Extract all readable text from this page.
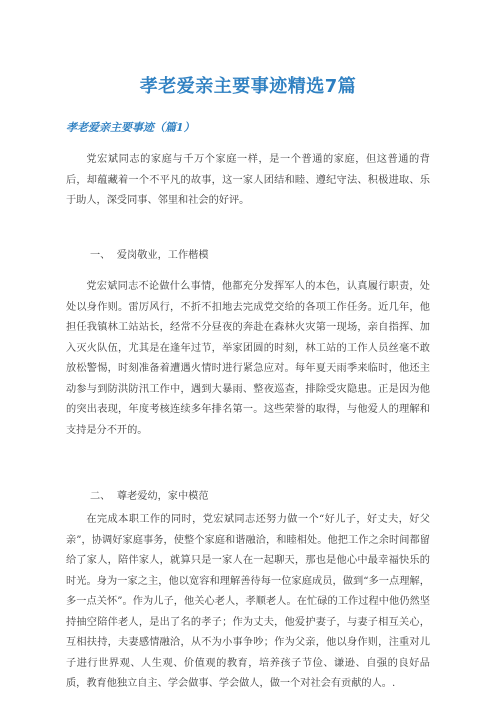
孝老爱亲主要事迹精选7篇
孝老爱亲主要事迹（篇1）

党宏斌同志的家庭与千万个家庭一样，是一个普通的家庭，但这普通的背后，却蕴藏着一个不平凡的故事，这一家人团结和睦、遵纪守法、积极进取、乐于助人，深受同事、邻里和社会的好评。

一、  爱岗敬业，工作楷模

党宏斌同志不论做什么事情，他都充分发挥军人的本色，认真履行职责，处处以身作则。雷厉风行，不折不扣地去完成党交给的各项工作任务。近几年，他担任我镇林工站站长，经常不分昼夜的奔赴在森林火灾第一现场，亲自指挥、加入灭火队伍，尤其是在逢年过节，举家团圆的时刻，林工站的工作人员丝毫不敢放松警惕，时刻准备着遭遇火情时进行紧急应对。每年夏天雨季来临时，他还主动参与到防洪防汛工作中，遇到大暴雨、整夜巡查，排除受灾隐患。正是因为他的突出表现，年度考核连续多年排名第一。这些荣誉的取得，与他爱人的理解和支持是分不开的。

二、  尊老爱幼，家中模范

在完成本职工作的同时，党宏斌同志还努力做一个“好儿子，好丈夫，好父亲”，协调好家庭事务，使整个家庭和谐融洽，和睦相处。他把工作之余时间都留给了家人，陪伴家人，就算只是一家人在一起聊天，那也是他心中最幸福快乐的时光。身为一家之主，他以宽容和理解善待每一位家庭成员，做到“多一点理解，多一点关怀”。作为儿子，他关心老人，孝顺老人。在忙碌的工作过程中他仍然坚持抽空陪伴老人，是出了名的孝子；作为丈夫，他爱护妻子，与妻子相互关心，互相扶持，夫妻感情融洽，从不为小事争吵；作为父亲，他以身作则，注重对儿子进行世界观、人生观、价值观的教育，培养孩子节俭、谦逊、自强的良好品质，教育他独立自主、学会做事、学会做人，做一个对社会有贡献的人。.
